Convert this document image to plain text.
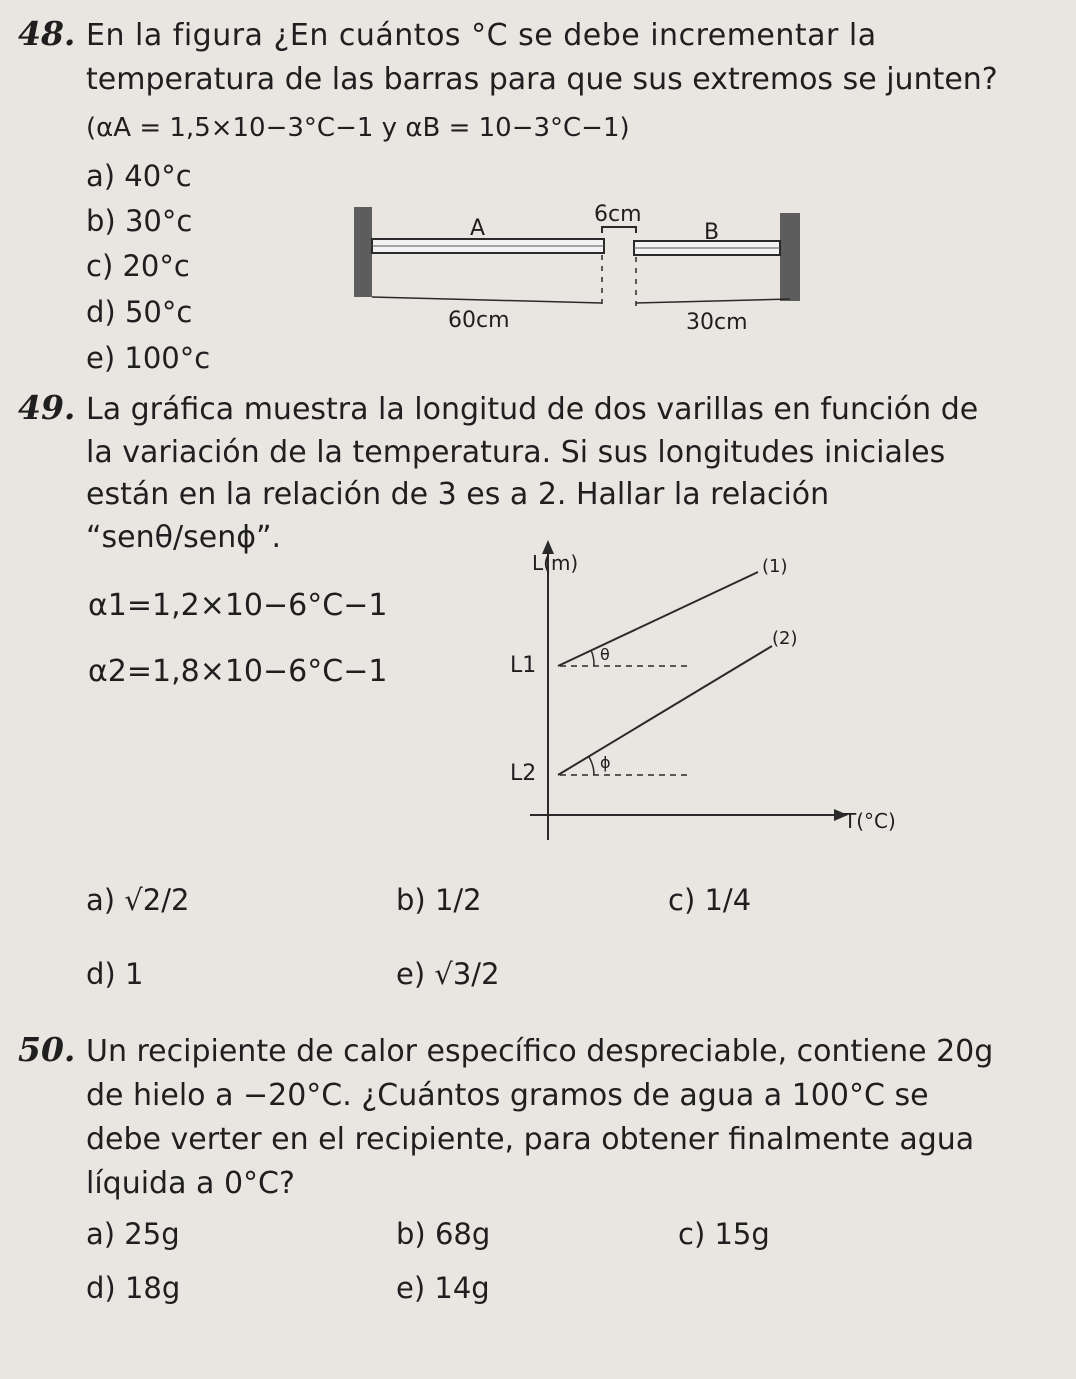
48. En la figura ¿En cuántos °C se debe incrementar la
temperatura de las barras para que sus extremos se junten?
(αA = 1,5×10−3°C−1 y αB = 10−3°C−1)
a) 40°c
b) 30°c
c) 20°c
d) 50°c
e) 100°c
A	B
6cm
60cm	30cm
49. La gráfica muestra la longitud de dos varillas en función de
la variación de la temperatura. Si sus longitudes iniciales
están en la relación de 3 es a 2. Hallar la relación
“senθ/senϕ”.
α1=1,2×10−6°C−1
α2=1,8×10−6°C−1
L(m)
T(°C)
(1)
(2)
L1
L2
θ
ϕ
a) √2/2	b) 1/2	c) 1/4
d) 1	e) √3/2
50. Un recipiente de calor específico despreciable, contiene 20g
de hielo a −20°C. ¿Cuántos gramos de agua a 100°C se
debe verter en el recipiente, para obtener finalmente agua
líquida a 0°C?
a) 25g	b) 68g	c) 15g
d) 18g	e) 14g
